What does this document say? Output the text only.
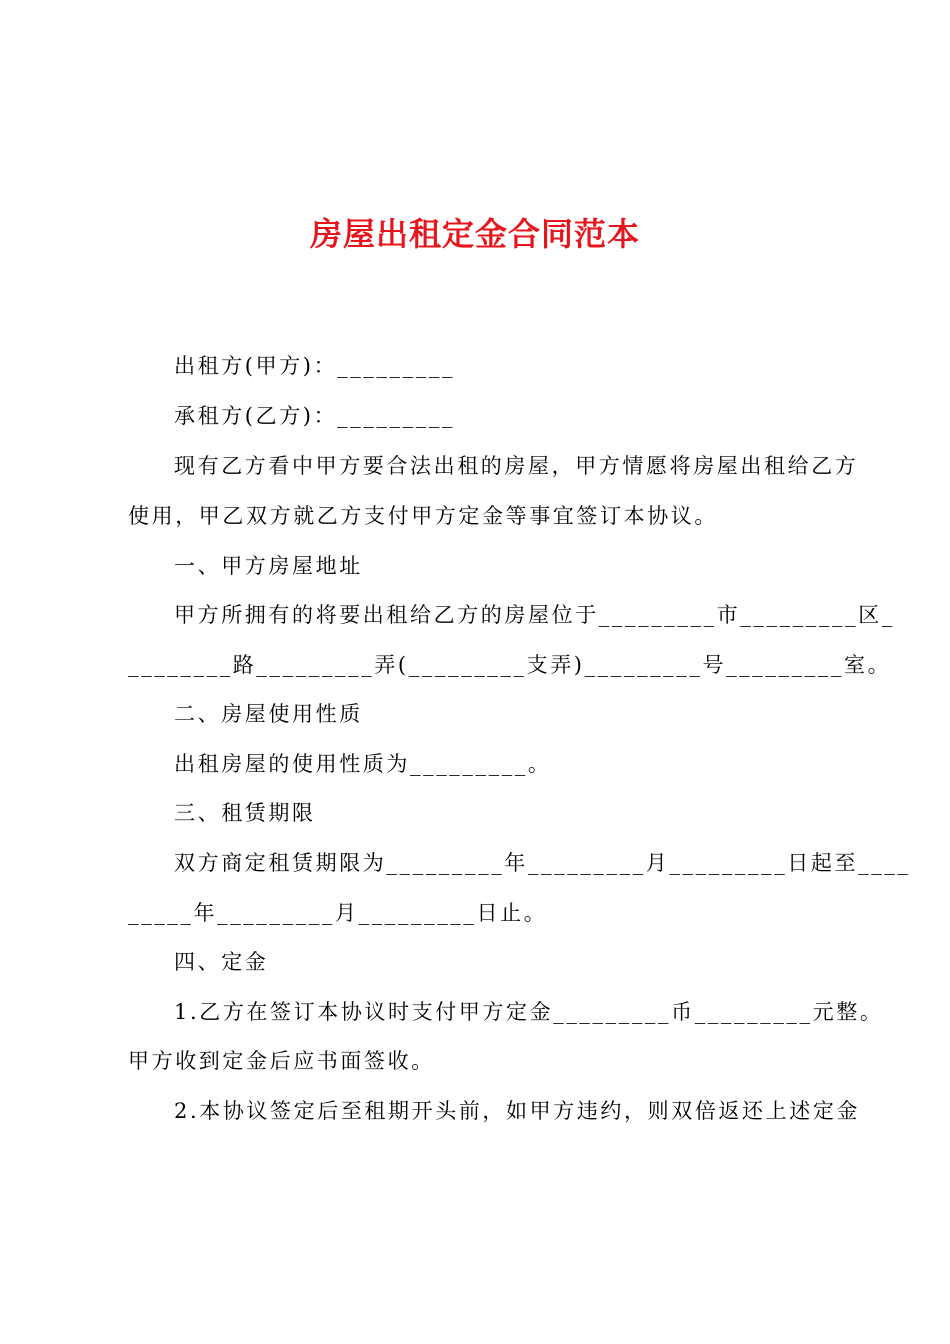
房屋出租定金合同范本
出租方(甲方)：_________
承租方(乙方)：_________
现有乙方看中甲方要合法出租的房屋，甲方情愿将房屋出租给乙方
使用，甲乙双方就乙方支付甲方定金等事宜签订本协议。
一、甲方房屋地址
甲方所拥有的将要出租给乙方的房屋位于_________市_________区_
________路_________弄(_________支弄)_________号_________室。
二、房屋使用性质
出租房屋的使用性质为_________。
三、租赁期限
双方商定租赁期限为_________年_________月_________日起至____
_____年_________月_________日止。
四、定金
1.乙方在签订本协议时支付甲方定金_________币_________元整。
甲方收到定金后应书面签收。
2.本协议签定后至租期开头前，如甲方违约，则双倍返还上述定金
